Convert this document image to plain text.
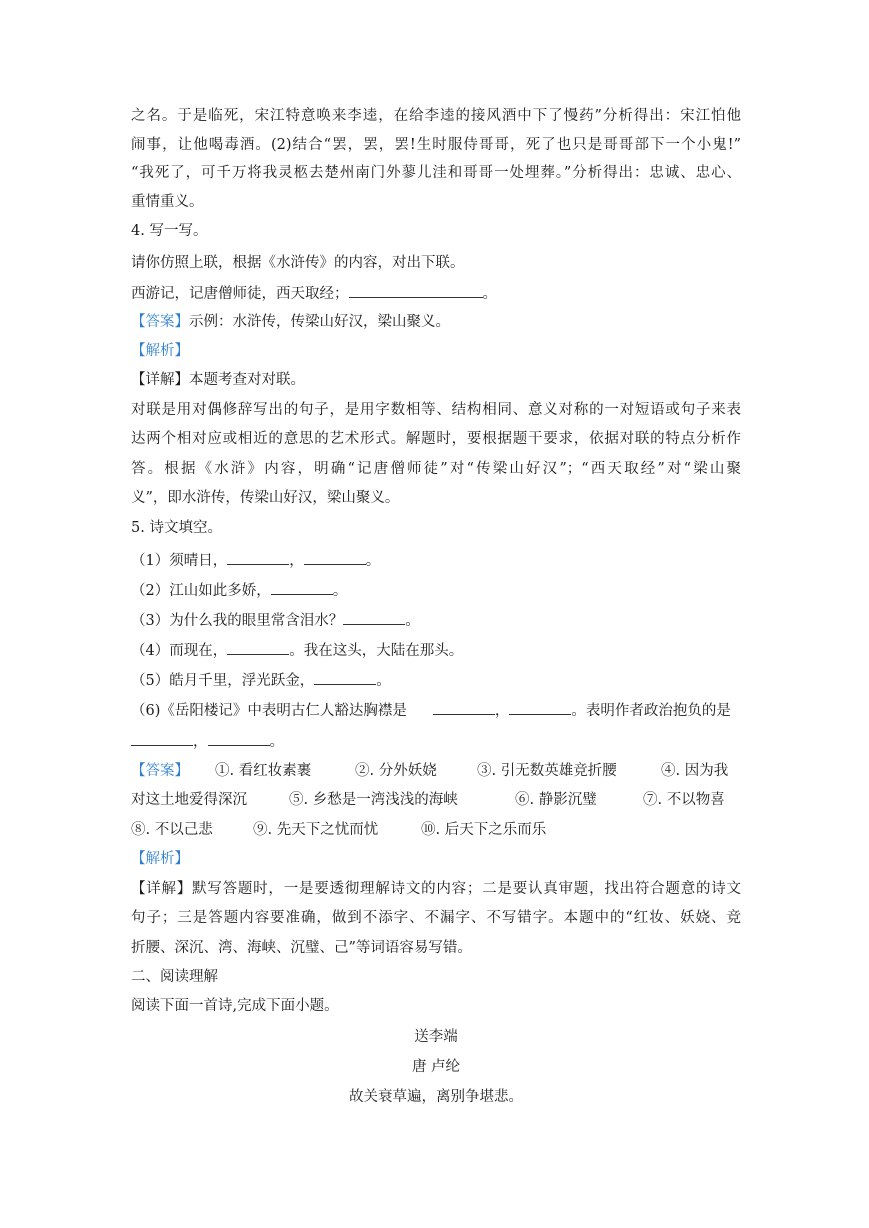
之名。于是临死，宋江特意唤来李逵，在给李逵的接风酒中下了慢药”分析得出：宋江怕他
闹事，让他喝毒酒。(2)结合“罢，罢，罢!生时服侍哥哥，死了也只是哥哥部下一个小鬼!”
“我死了，可千万将我灵柩去楚州南门外蓼儿洼和哥哥一处埋葬。”分析得出：忠诚、忠心、
重情重义。
4. 写一写。
请你仿照上联，根据《水浒传》的内容，对出下联。
西游记，记唐僧师徒，西天取经；	。
【答案】示例：水浒传，传梁山好汉，梁山聚义。
【解析】
【详解】本题考查对对联。
对联是用对偶修辞写出的句子，是用字数相等、结构相同、意义对称的一对短语或句子来表
达两个相对应或相近的意思的艺术形式。解题时，要根据题干要求，依据对联的特点分析作
答。根据《水浒》内容，明确“记唐僧师徒”对“传梁山好汉”；“西天取经”对“梁山聚
义”，即水浒传，传梁山好汉，梁山聚义。
5. 诗文填空。
（1）须晴日，	，	。
（2）江山如此多娇，	。
（3）为什么我的眼里常含泪水？	。
（4）而现在，	。我在这头，大陆在那头。
（5）皓月千里，浮光跃金，	。
（6)《岳阳楼记》中表明古仁人豁达胸襟是	，	。表明作者政治抱负的是
，	。
【答案】 ①. 看红妆素裹	②. 分外妖娆	③. 引无数英雄竞折腰	④. 因为我
对这土地爱得深沉	⑤. 乡愁是一湾浅浅的海峡	⑥. 静影沉璧	⑦. 不以物喜
⑧. 不以己悲	⑨. 先天下之忧而忧	⑩. 后天下之乐而乐
【解析】
【详解】默写答题时，一是要透彻理解诗文的内容；二是要认真审题，找出符合题意的诗文
句子；三是答题内容要准确，做到不添字、不漏字、不写错字。本题中的“红妆、妖娆、竞
折腰、深沉、湾、海峡、沉璧、己”等词语容易写错。
二、阅读理解
阅读下面一首诗,完成下面小题。
送李端
唐 卢纶
故关衰草遍，离别争堪悲。
